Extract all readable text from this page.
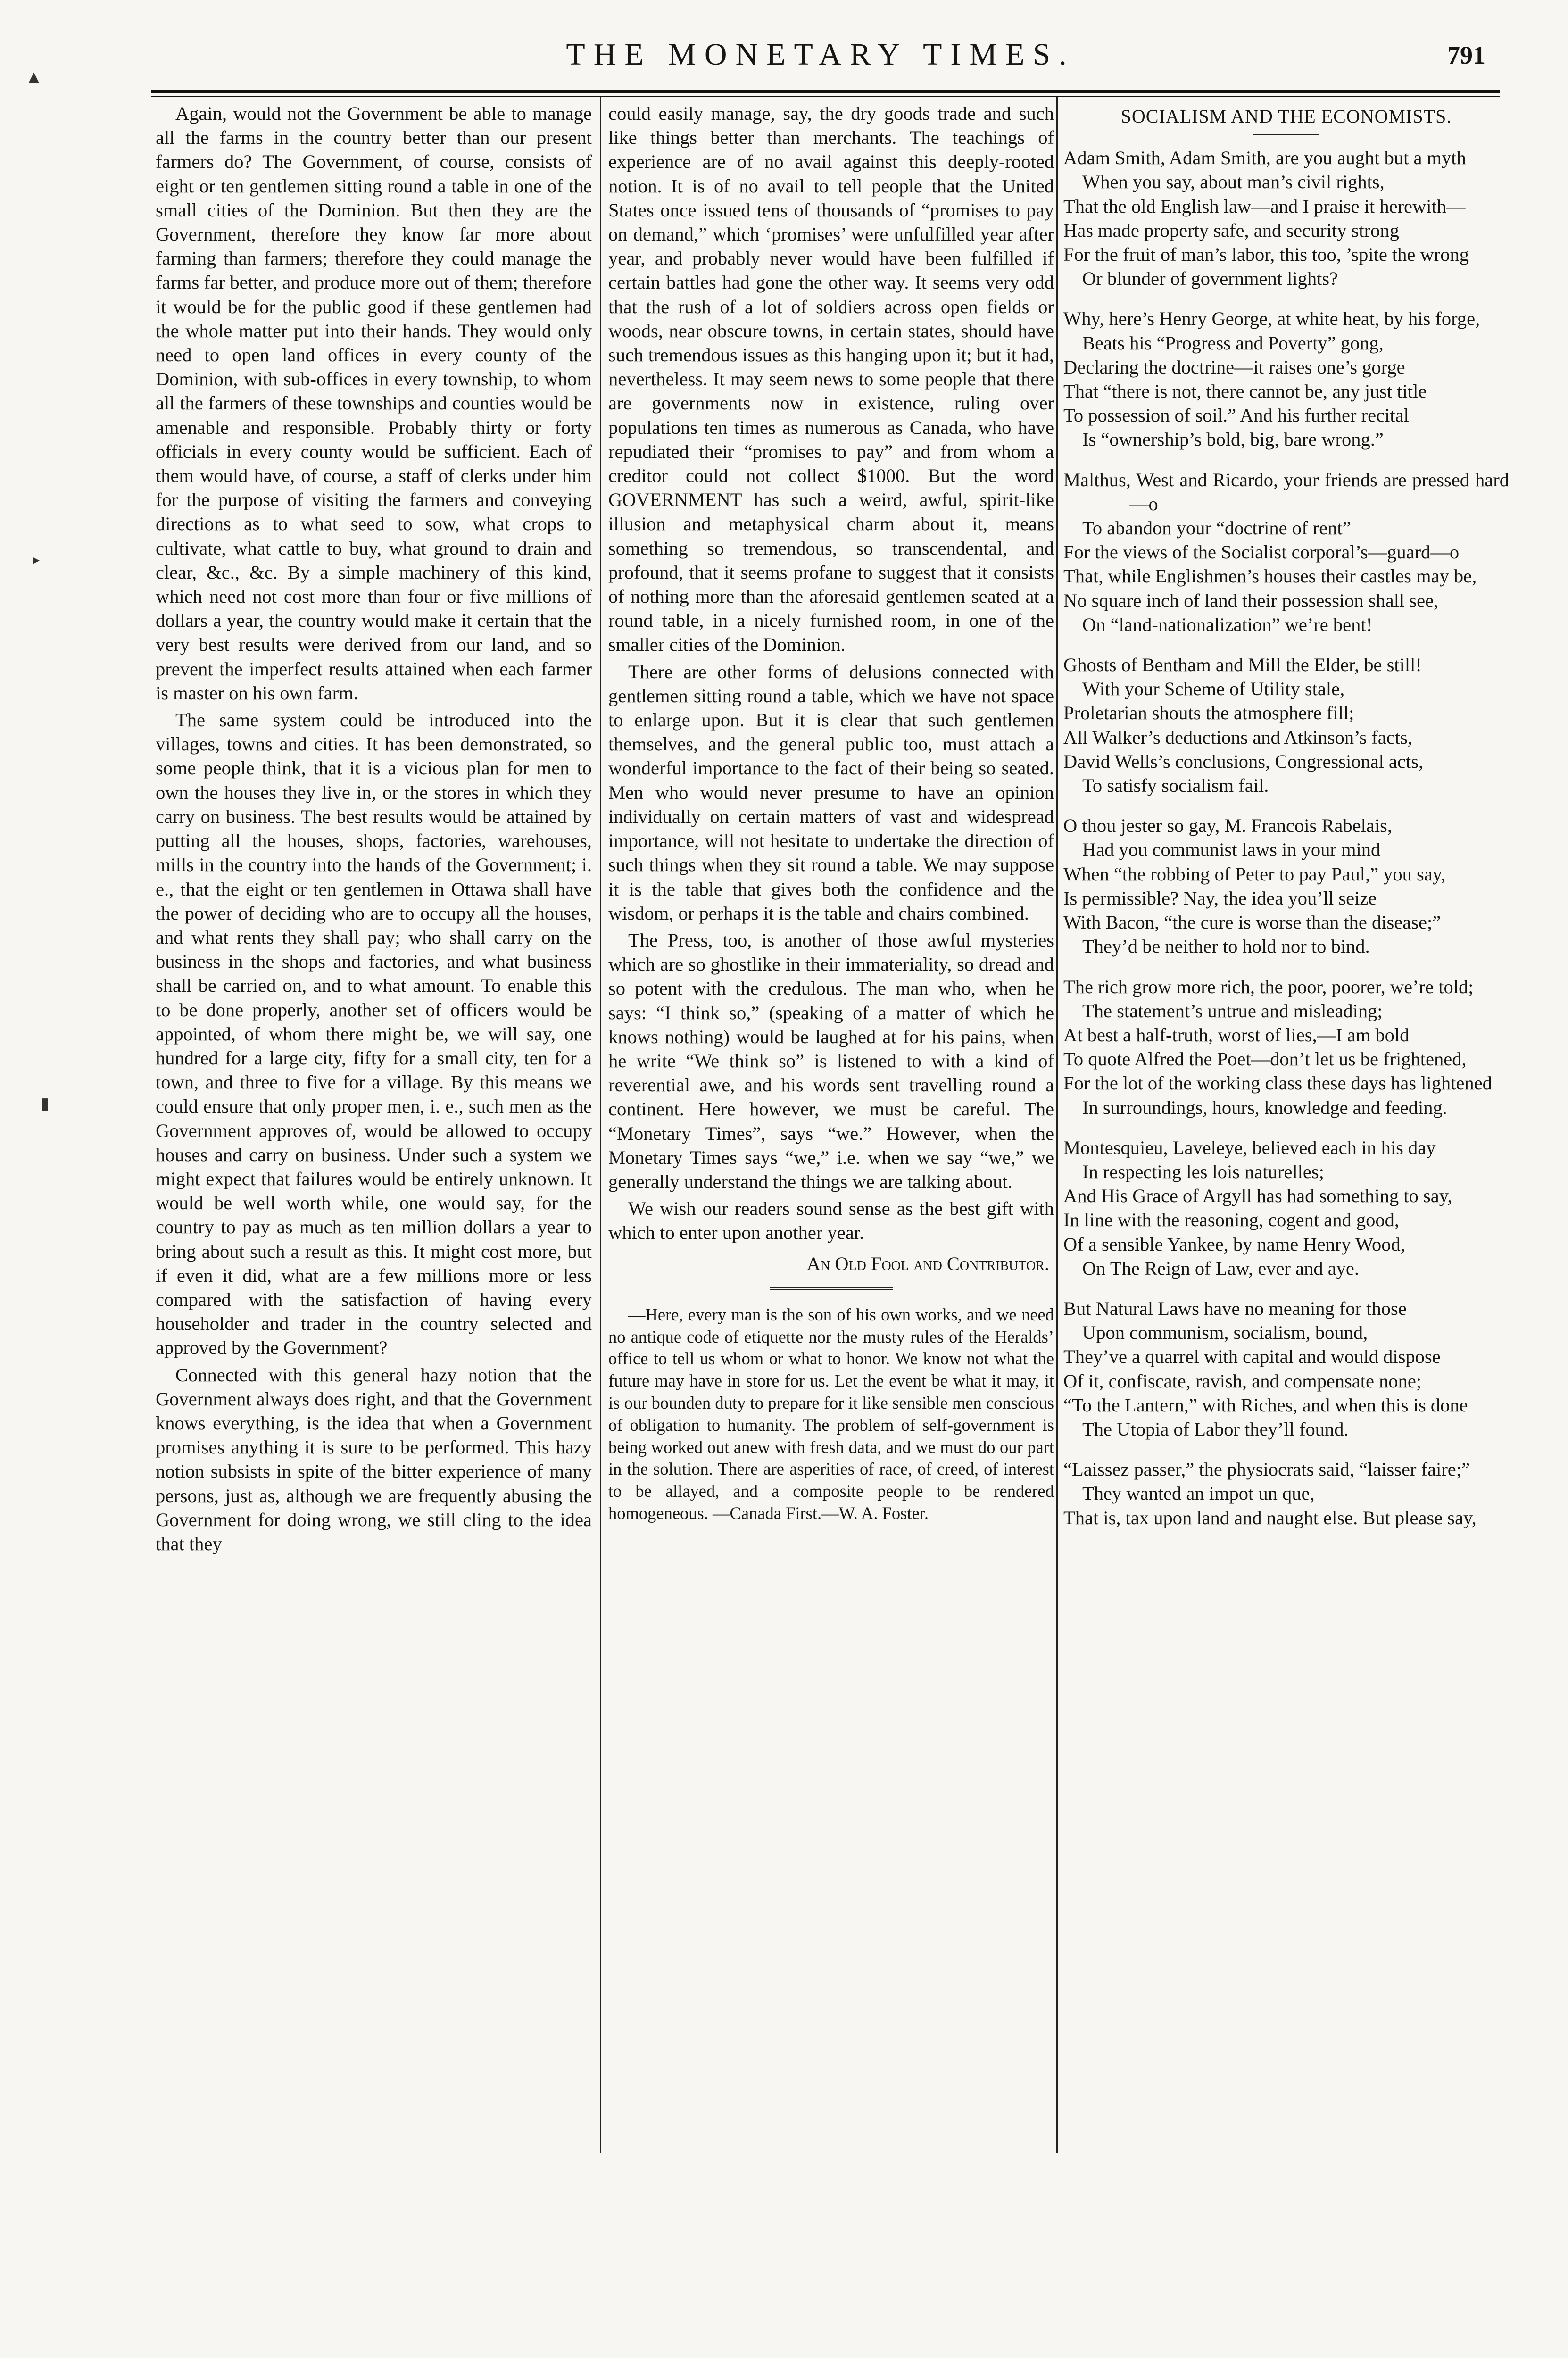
THE MONETARY TIMES.	791

Again, would not the Government be able to manage all the farms in the country better than our present farmers do? The Government, of course, consists of eight or ten gentlemen sitting round a table in one of the small cities of the Dominion. But then they are the Government, therefore they know far more about farming than farmers; therefore they could manage the farms far better, and produce more out of them; therefore it would be for the public good if these gentlemen had the whole matter put into their hands. They would only need to open land offices in every county of the Dominion, with sub-offices in every township, to whom all the farmers of these townships and counties would be amenable and responsible. Probably thirty or forty officials in every county would be sufficient. Each of them would have, of course, a staff of clerks under him for the purpose of visiting the farmers and conveying directions as to what seed to sow, what crops to cultivate, what cattle to buy, what ground to drain and clear, &c., &c. By a simple machinery of this kind, which need not cost more than four or five millions of dollars a year, the country would make it certain that the very best results were derived from our land, and so prevent the imperfect results attained when each farmer is master on his own farm.

The same system could be introduced into the villages, towns and cities. It has been demonstrated, so some people think, that it is a vicious plan for men to own the houses they live in, or the stores in which they carry on business. The best results would be attained by putting all the houses, shops, factories, warehouses, mills in the country into the hands of the Government; i. e., that the eight or ten gentlemen in Ottawa shall have the power of deciding who are to occupy all the houses, and what rents they shall pay; who shall carry on the business in the shops and factories, and what business shall be carried on, and to what amount. To enable this to be done properly, another set of officers would be appointed, of whom there might be, we will say, one hundred for a large city, fifty for a small city, ten for a town, and three to five for a village. By this means we could ensure that only proper men, i. e., such men as the Government approves of, would be allowed to occupy houses and carry on business. Under such a system we might expect that failures would be entirely unknown. It would be well worth while, one would say, for the country to pay as much as ten million dollars a year to bring about such a result as this. It might cost more, but if even it did, what are a few millions more or less compared with the satisfaction of having every householder and trader in the country selected and approved by the Government?

Connected with this general hazy notion that the Government always does right, and that the Government knows everything, is the idea that when a Government promises anything it is sure to be performed. This hazy notion subsists in spite of the bitter experience of many persons, just as, although we are frequently abusing the Government for doing wrong, we still cling to the idea that they

could easily manage, say, the dry goods trade and such like things better than merchants. The teachings of experience are of no avail against this deeply-rooted notion. It is of no avail to tell people that the United States once issued tens of thousands of “promises to pay on demand,” which ‘promises’ were unfulfilled year after year, and probably never would have been fulfilled if certain battles had gone the other way. It seems very odd that the rush of a lot of soldiers across open fields or woods, near obscure towns, in certain states, should have such tremendous issues as this hanging upon it; but it had, nevertheless. It may seem news to some people that there are governments now in existence, ruling over populations ten times as numerous as Canada, who have repudiated their “promises to pay” and from whom a creditor could not collect $1000. But the word GOVERNMENT has such a weird, awful, spirit-like illusion and metaphysical charm about it, means something so tremendous, so transcendental, and profound, that it seems profane to suggest that it consists of nothing more than the aforesaid gentlemen seated at a round table, in a nicely furnished room, in one of the smaller cities of the Dominion.

There are other forms of delusions connected with gentlemen sitting round a table, which we have not space to enlarge upon. But it is clear that such gentlemen themselves, and the general public too, must attach a wonderful importance to the fact of their being so seated. Men who would never presume to have an opinion individually on certain matters of vast and widespread importance, will not hesitate to undertake the direction of such things when they sit round a table. We may suppose it is the table that gives both the confidence and the wisdom, or perhaps it is the table and chairs combined.

The Press, too, is another of those awful mysteries which are so ghostlike in their immateriality, so dread and so potent with the credulous. The man who, when he says: “I think so,” (speaking of a matter of which he knows nothing) would be laughed at for his pains, when he write “We think so” is listened to with a kind of reverential awe, and his words sent travelling round a continent. Here however, we must be careful. The “Monetary Times”, says “we.” However, when the Monetary Times says “we,” i.e. when we say “we,” we generally understand the things we are talking about.

We wish our readers sound sense as the best gift with which to enter upon another year.

An Old Fool and Contributor.

—Here, every man is the son of his own works, and we need no antique code of etiquette nor the musty rules of the Heralds’ office to tell us whom or what to honor. We know not what the future may have in store for us. Let the event be what it may, it is our bounden duty to prepare for it like sensible men conscious of obligation to humanity. The problem of self-government is being worked out anew with fresh data, and we must do our part in the solution. There are asperities of race, of creed, of interest to be allayed, and a composite people to be rendered homogeneous. —Canada First.—W. A. Foster.

SOCIALISM AND THE ECONOMISTS.
Adam Smith, Adam Smith, are you aught but a myth
When you say, about man’s civil rights,
That the old English law—and I praise it herewith—
Has made property safe, and security strong
For the fruit of man’s labor, this too, ’spite the wrong
Or blunder of government lights?
Why, here’s Henry George, at white heat, by his forge,
Beats his “Progress and Poverty” gong,
Declaring the doctrine—it raises one’s gorge
That “there is not, there cannot be, any just title
To possession of soil.” And his further recital
Is “ownership’s bold, big, bare wrong.”
Malthus, West and Ricardo, your friends are pressed hard—o
To abandon your “doctrine of rent”
For the views of the Socialist corporal’s—guard—o
That, while Englishmen’s houses their castles may be,
No square inch of land their possession shall see,
On “land-nationalization” we’re bent!
Ghosts of Bentham and Mill the Elder, be still!
With your Scheme of Utility stale,
Proletarian shouts the atmosphere fill;
All Walker’s deductions and Atkinson’s facts,
David Wells’s conclusions, Congressional acts,
To satisfy socialism fail.
O thou jester so gay, M. Francois Rabelais,
Had you communist laws in your mind
When “the robbing of Peter to pay Paul,” you say,
Is permissible? Nay, the idea you’ll seize
With Bacon, “the cure is worse than the disease;”
They’d be neither to hold nor to bind.
The rich grow more rich, the poor, poorer, we’re told;
The statement’s untrue and misleading;
At best a half-truth, worst of lies,—I am bold
To quote Alfred the Poet—don’t let us be frightened,
For the lot of the working class these days has lightened
In surroundings, hours, knowledge and feeding.
Montesquieu, Laveleye, believed each in his day
In respecting les lois naturelles;
And His Grace of Argyll has had something to say,
In line with the reasoning, cogent and good,
Of a sensible Yankee, by name Henry Wood,
On The Reign of Law, ever and aye.
But Natural Laws have no meaning for those
Upon communism, socialism, bound,
They’ve a quarrel with capital and would dispose
Of it, confiscate, ravish, and compensate none;
“To the Lantern,” with Riches, and when this is done
The Utopia of Labor they’ll found.
“Laissez passer,” the physiocrats said, “laisser faire;”
They wanted an impot un que,
That is, tax upon land and naught else. But please say,
▲
▸
▮
